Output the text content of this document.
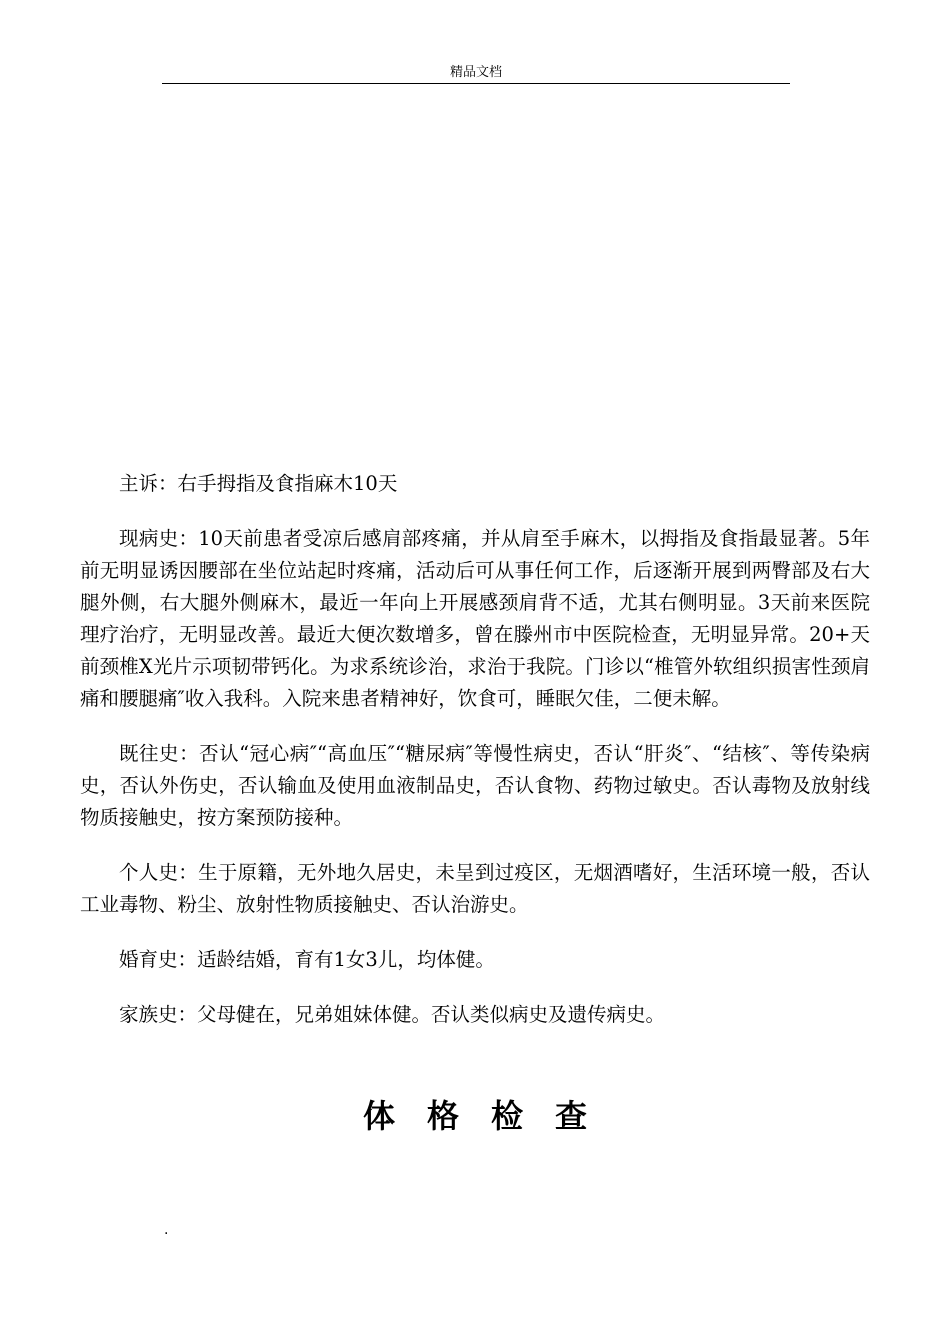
精品文档

主诉：右手拇指及食指麻木10天

现病史：10天前患者受凉后感肩部疼痛，并从肩至手麻木，以拇指及食指最显著。5年前无明显诱因腰部在坐位站起时疼痛，活动后可从事任何工作，后逐渐开展到两臀部及右大腿外侧，右大腿外侧麻木，最近一年向上开展感颈肩背不适，尤其右侧明显。3天前来医院理疗治疗，无明显改善。最近大便次数增多，曾在滕州市中医院检查，无明显异常。20+天前颈椎X光片示项韧带钙化。为求系统诊治，求治于我院。门诊以“椎管外软组织损害性颈肩痛和腰腿痛″收入我科。入院来患者精神好，饮食可，睡眠欠佳，二便未解。

既往史：否认“冠心病″“高血压″“糖尿病″等慢性病史，否认“肝炎″、“结核″、等传染病史，否认外伤史，否认输血及使用血液制品史，否认食物、药物过敏史。否认毒物及放射线物质接触史，按方案预防接种。

个人史：生于原籍，无外地久居史，未呈到过疫区，无烟酒嗜好，生活环境一般，否认工业毒物、粉尘、放射性物质接触史、否认治游史。

婚育史：适龄结婚，育有1女3儿，均体健。

家族史：父母健在，兄弟姐妹体健。否认类似病史及遗传病史。

体格检查
.
